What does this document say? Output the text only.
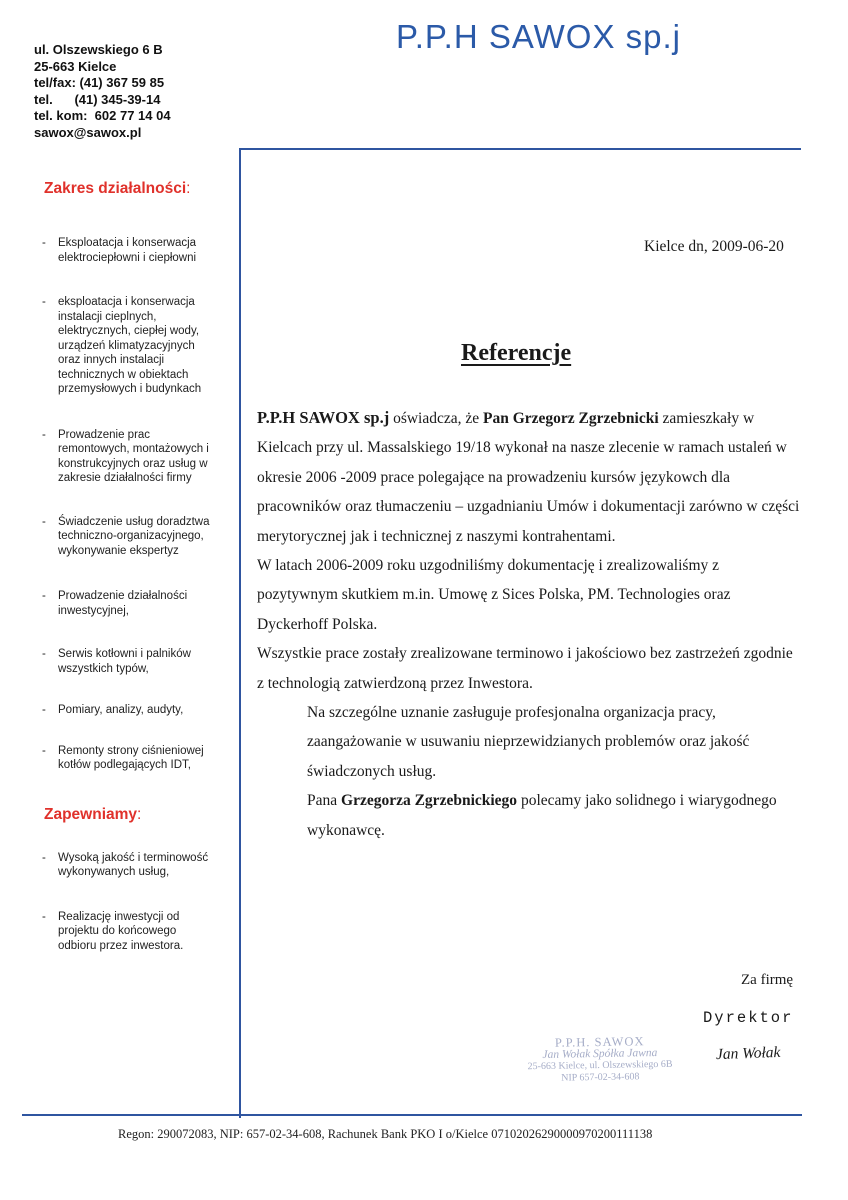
P.P.H SAWOX sp.j
ul. Olszewskiego 6 B
25-663 Kielce
tel/fax: (41) 367 59 85
tel.      (41) 345-39-14
tel. kom:  602 77 14 04
sawox@sawox.pl
Zakres działalności:
- Eksploatacja i konserwacja
elektrociepłowni i ciepłowni
- eksploatacja i konserwacja
instalacji cieplnych,
elektrycznych, ciepłej wody,
urządzeń klimatyzacyjnych
oraz innych instalacji
technicznych w obiektach
przemysłowych i budynkach
- Prowadzenie prac
remontowych, montażowych i
konstrukcyjnych oraz usług w
zakresie działalności firmy
- Świadczenie usług doradztwa
techniczno-organizacyjnego,
wykonywanie ekspertyz
- Prowadzenie działalności
inwestycyjnej,
- Serwis kotłowni i palników
wszystkich typów,
- Pomiary, analizy, audyty,
- Remonty strony ciśnieniowej
kotłów podlegających IDT,
Zapewniamy:
- Wysoką jakość i terminowość
wykonywanych usług,
- Realizację inwestycji od
projektu do końcowego
odbioru przez inwestora.
Kielce dn, 2009-06-20
Referencje

P.P.H SAWOX sp.j oświadcza, że Pan Grzegorz Zgrzebnicki zamieszkały w Kielcach przy ul. Massalskiego 19/18 wykonał na nasze zlecenie w ramach ustaleń w okresie 2006 -2009 prace polegające na prowadzeniu kursów językowch dla pracowników oraz tłumaczeniu – uzgadnianiu Umów i dokumentacji zarówno w części merytorycznej jak i technicznej z naszymi kontrahentami.

W latach 2006-2009 roku uzgodniliśmy dokumentację i zrealizowaliśmy z pozytywnym skutkiem m.in. Umowę z Sices Polska, PM. Technologies oraz Dyckerhoff Polska.

Wszystkie prace zostały zrealizowane terminowo i jakościowo bez zastrzeżeń zgodnie z technologią zatwierdzoną przez Inwestora.

Na szczególne uznanie zasługuje profesjonalna organizacja pracy, zaangażowanie w usuwaniu nieprzewidzianych problemów oraz jakość świadczonych usług.

Pana Grzegorza Zgrzebnickiego polecamy jako solidnego i wiarygodnego wykonawcę.

Za firmę
P.P.H. SAWOX
Jan Wołak Spółka Jawna
25-663 Kielce, ul. Olszewskiego 6B
NIP 657-02-34-608
Dyrektor
Jan Wołak
Regon: 290072083, NIP: 657-02-34-608, Rachunek Bank PKO I o/Kielce 07102026290000970200111138
